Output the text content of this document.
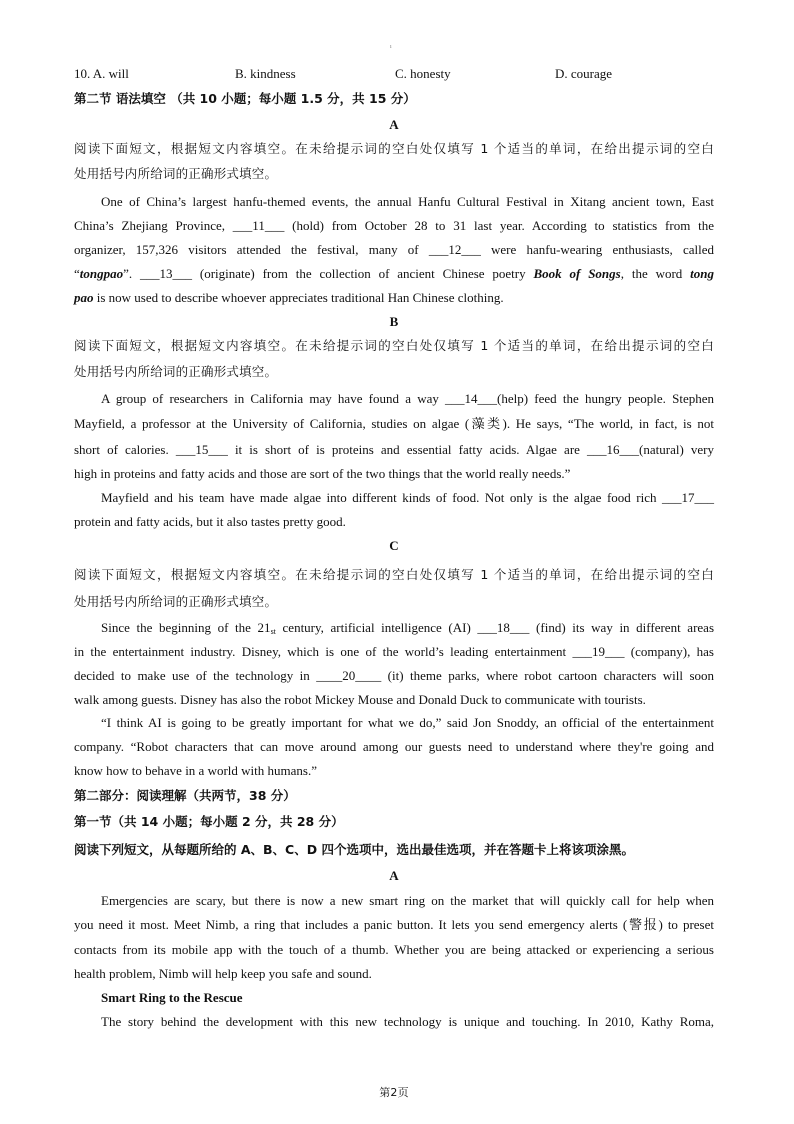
ı
10. A. will	B. kindness	C. honesty	D. courage
第二节 语法填空 （共 10 小题；每小题 1.5 分，共 15 分）
A
阅读下面短文，根据短文内容填空。在未给提示词的空白处仅填写 1 个适当的单词，在给出提示词的空白
处用括号内所给词的正确形式填空。
One of China’s largest hanfu-themed events, the annual Hanfu Cultural Festival in Xitang ancient town, East
China’s Zhejiang Province, ___11___ (hold) from October 28 to 31 last year. According to statistics from the
organizer, 157,326 visitors attended the festival, many of ___12___ were hanfu-wearing enthusiasts, called
“tongpao”. ___13___ (originate) from the collection of ancient Chinese poetry Book of Songs, the word tong
pao is now used to describe whoever appreciates traditional Han Chinese clothing.
B
阅读下面短文，根据短文内容填空。在未给提示词的空白处仅填写 1 个适当的单词，在给出提示词的空白
处用括号内所给词的正确形式填空。
A group of researchers in California may have found a way ___14___(help) feed the hungry people. Stephen
Mayfield, a professor at the University of California, studies on algae (藻类). He says, “The world, in fact, is not
short of calories. ___15___ it is short of is proteins and essential fatty acids. Algae are ___16___(natural) very
high in proteins and fatty acids and those are sort of the two things that the world really needs.”
Mayfield and his team have made algae into different kinds of food. Not only is the algae food rich ___17___
protein and fatty acids, but it also tastes pretty good.
C
阅读下面短文，根据短文内容填空。在未给提示词的空白处仅填写 1 个适当的单词，在给出提示词的空白
处用括号内所给词的正确形式填空。
Since the beginning of the $21_{st}$ century, artificial intelligence (AI) ___18___ (find) its way in different areas
in the entertainment industry. Disney, which is one of the world’s leading entertainment ___19___ (company), has
decided to make use of the technology in ____20____ (it) theme parks, where robot cartoon characters will soon
walk among guests. Disney has also the robot Mickey Mouse and Donald Duck to communicate with tourists.
“I think AI is going to be greatly important for what we do,” said Jon Snoddy, an official of the entertainment
company. “Robot characters that can move around among our guests need to understand where they're going and
know how to behave in a world with humans.”
第二部分：阅读理解（共两节，38 分）
第一节（共 14 小题；每小题 2 分，共 28 分）
阅读下列短文，从每题所给的 A、B、C、D 四个选项中，选出最佳选项，并在答题卡上将该项涂黑。
A
Emergencies are scary, but there is now a new smart ring on the market that will quickly call for help when
you need it most. Meet Nimb, a ring that includes a panic button. It lets you send emergency alerts (警报) to preset
contacts from its mobile app with the touch of a thumb. Whether you are being attacked or experiencing a serious
health problem, Nimb will help keep you safe and sound.
Smart Ring to the Rescue
The story behind the development with this new technology is unique and touching. In 2010, Kathy Roma,
第2页
